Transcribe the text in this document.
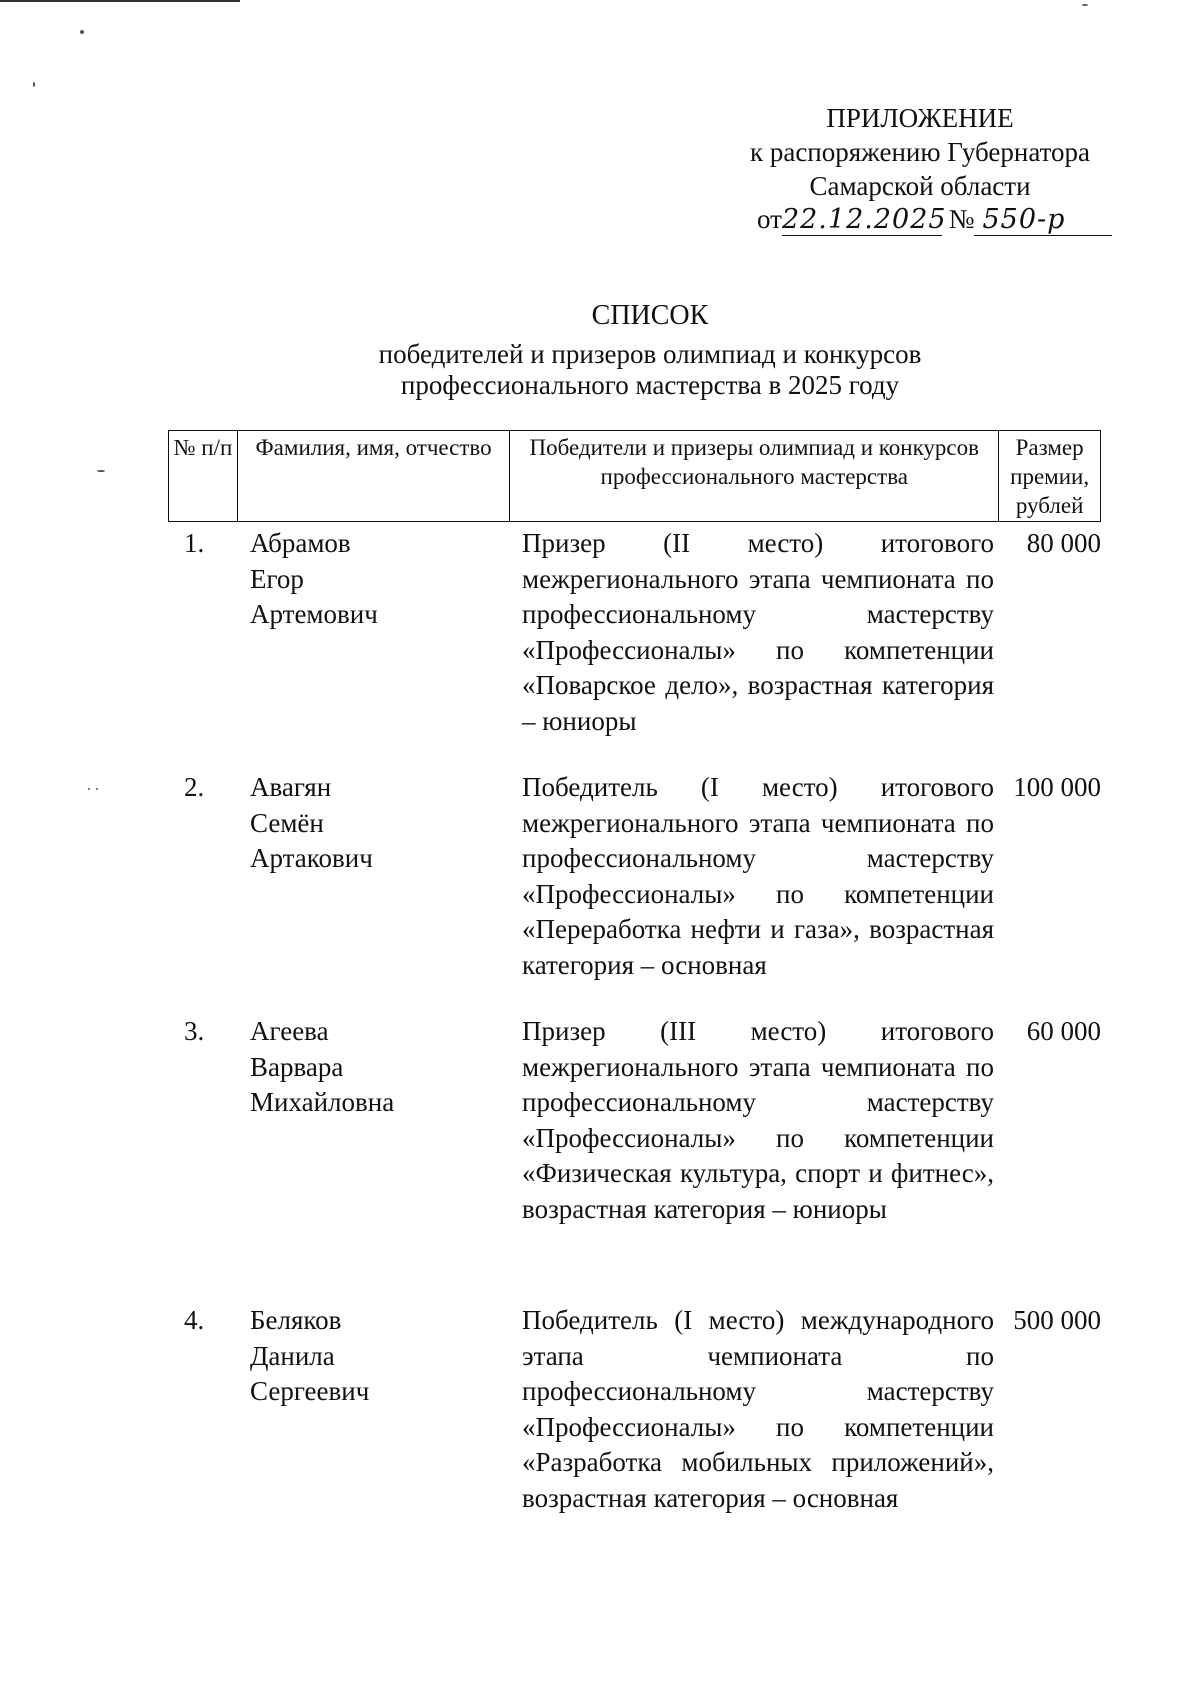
ПРИЛОЖЕНИЕ
к распоряжению Губернатора
Самарской области
от22.12.2025 № 550-р
СПИСОК
победителей и призеров олимпиад и конкурсов
профессионального мастерства в 2025 году
№ п/п	Фамилия, имя, отчество	Победители и призеры олимпиад и конкурсов профессионального мастерства
Размер премии, рублей
1. Абрамов
Егор
Артемович
Призер (II место) итогового межрегионального этапа чемпионата по профессиональному мастерству «Профессионалы» по компетенции «Поварское дело», возрастная категория – юниоры
80 000
2. Авагян
Семён
Артакович
Победитель (I место) итогового межрегионального этапа чемпионата по профессиональному мастерству «Профессионалы» по компетенции «Переработка нефти и газа», возрастная категория – основная
100 000
3. Агеева
Варвара
Михайловна
Призер (III место) итогового межрегионального этапа чемпионата по профессиональному мастерству «Профессионалы» по компетенции «Физическая культура, спорт и фитнес», возрастная категория – юниоры
60 000
4. Беляков
Данила
Сергеевич
Победитель (I место) международного этапа чемпионата по профессиональному мастерству «Профессионалы» по компетенции «Разработка мобильных приложений», возрастная категория – основная
500 000
